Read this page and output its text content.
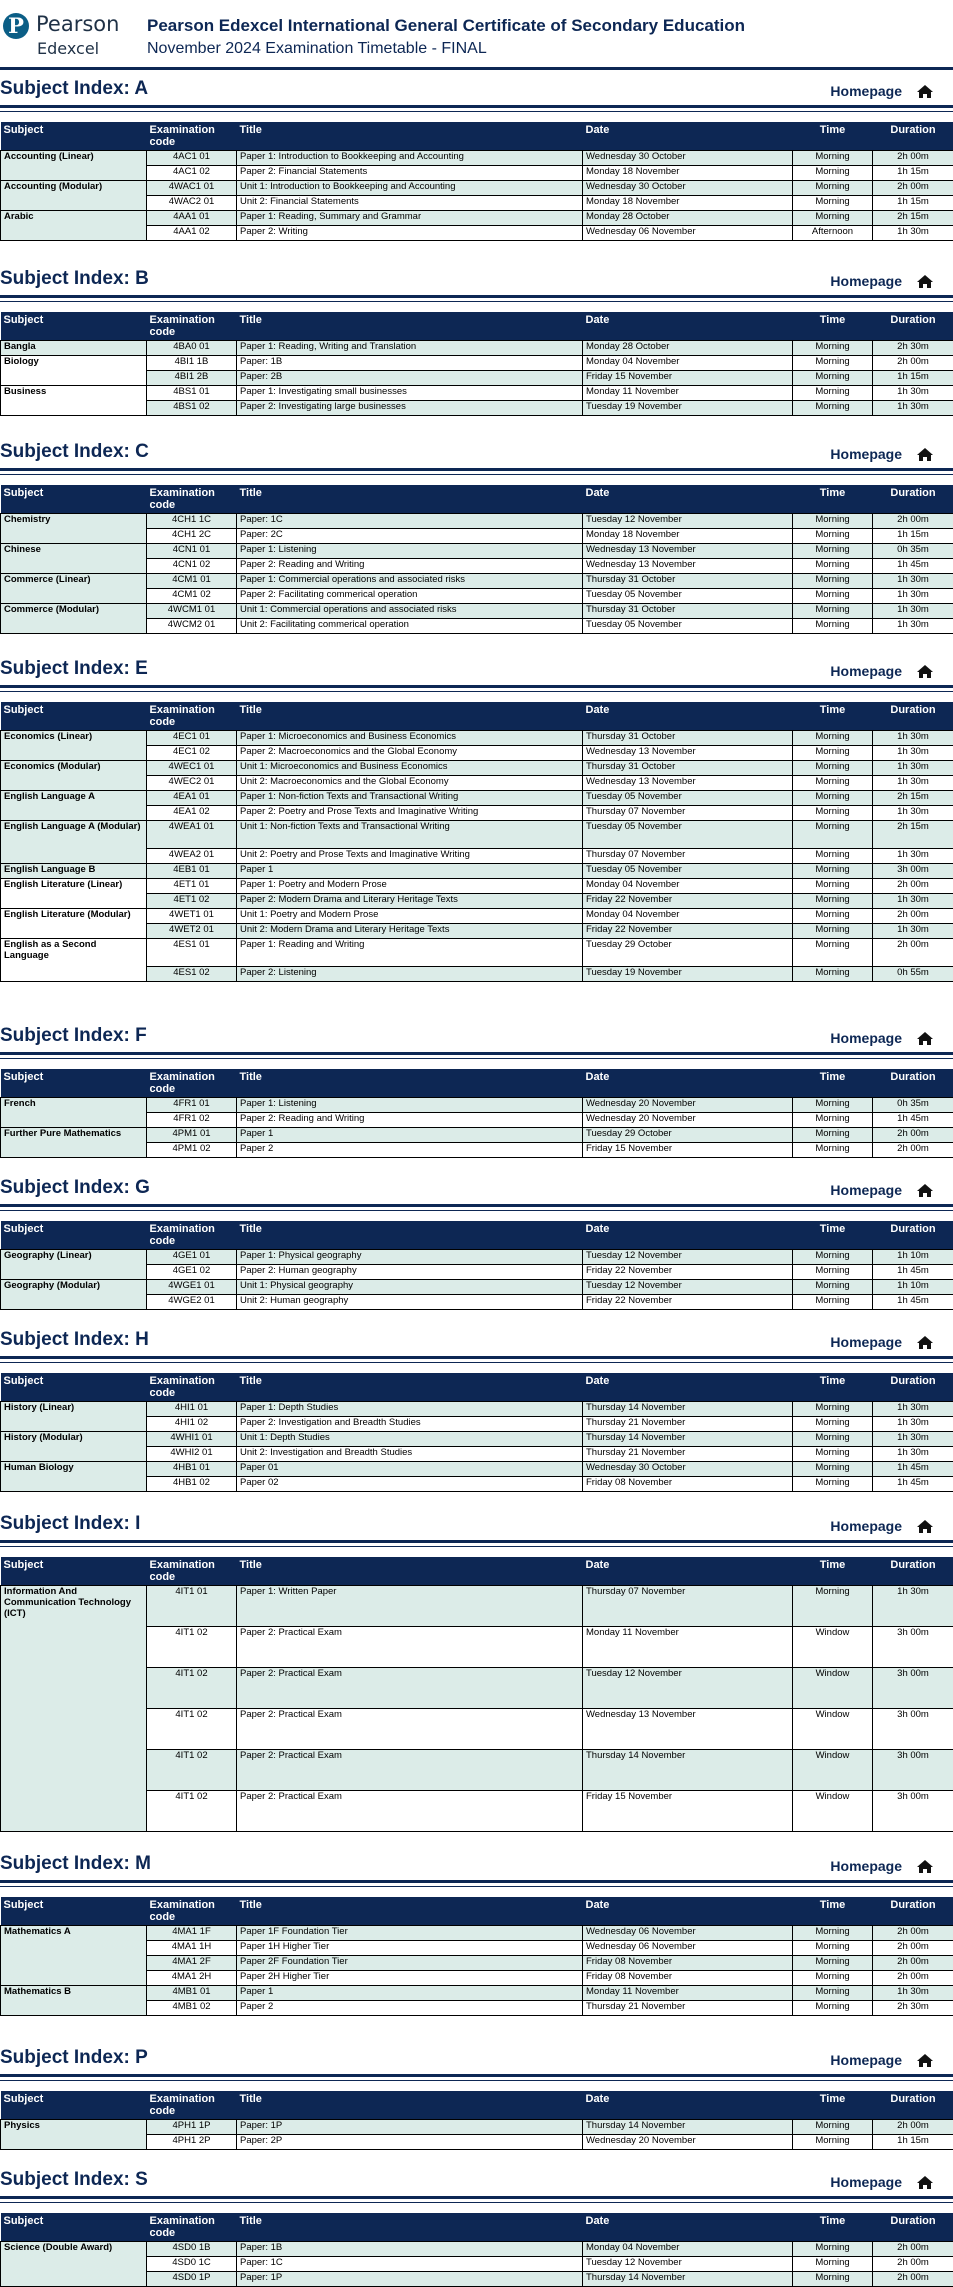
P Pearson
Edexcel
Pearson Edexcel International General Certificate of Secondary Education
November 2024 Examination Timetable - FINAL
Subject Index: A	Homepage
Subject	Examination code	Title	Date	Time	Duration
Accounting (Linear)	4AC1 01	Paper 1: Introduction to Bookkeeping and Accounting	Wednesday 30 October	Morning	2h 00m
	4AC1 02	Paper 2: Financial Statements	Monday 18 November	Morning	1h 15m
Accounting (Modular)	4WAC1 01	Unit 1: Introduction to Bookkeeping and Accounting	Wednesday 30 October	Morning	2h 00m
	4WAC2 01	Unit 2: Financial Statements	Monday 18 November	Morning	1h 15m
Arabic	4AA1 01	Paper 1: Reading, Summary and Grammar	Monday 28 October	Morning	2h 15m
	4AA1 02	Paper 2: Writing	Wednesday 06 November	Afternoon	1h 30m
Subject Index: B	Homepage
Subject	Examination code	Title	Date	Time	Duration
Bangla	4BA0 01	Paper 1: Reading, Writing and Translation	Monday 28 October	Morning	2h 30m
Biology	4BI1 1B	Paper: 1B	Monday 04 November	Morning	2h 00m
	4BI1 2B	Paper: 2B	Friday 15 November	Morning	1h 15m
Business	4BS1 01	Paper 1: Investigating small businesses	Monday 11 November	Morning	1h 30m
	4BS1 02	Paper 2: Investigating large businesses	Tuesday 19 November	Morning	1h 30m
Subject Index: C	Homepage
Subject	Examination code	Title	Date	Time	Duration
Chemistry	4CH1 1C	Paper: 1C	Tuesday 12 November	Morning	2h 00m
	4CH1 2C	Paper: 2C	Monday 18 November	Morning	1h 15m
Chinese	4CN1 01	Paper 1: Listening	Wednesday 13 November	Morning	0h 35m
	4CN1 02	Paper 2: Reading and Writing	Wednesday 13 November	Morning	1h 45m
Commerce (Linear)	4CM1 01	Paper 1: Commercial operations and associated risks	Thursday 31 October	Morning	1h 30m
	4CM1 02	Paper 2: Facilitating commerical operation	Tuesday 05 November	Morning	1h 30m
Commerce (Modular)	4WCM1 01	Unit 1: Commercial operations and associated risks	Thursday 31 October	Morning	1h 30m
	4WCM2 01	Unit 2: Facilitating commerical operation	Tuesday 05 November	Morning	1h 30m
Subject Index: E	Homepage
Subject	Examination code	Title	Date	Time	Duration
Economics (Linear)	4EC1 01	Paper 1: Microeconomics and Business Economics	Thursday 31 October	Morning	1h 30m
	4EC1 02	Paper 2: Macroeconomics and the Global Economy	Wednesday 13 November	Morning	1h 30m
Economics (Modular)	4WEC1 01	Unit 1: Microeconomics and Business Economics	Thursday 31 October	Morning	1h 30m
	4WEC2 01	Unit 2: Macroeconomics and the Global Economy	Wednesday 13 November	Morning	1h 30m
English Language A	4EA1 01	Paper 1: Non-fiction Texts and Transactional Writing	Tuesday 05 November	Morning	2h 15m
	4EA1 02	Paper 2: Poetry and Prose Texts and Imaginative Writing	Thursday 07 November	Morning	1h 30m
English Language A (Modular)	4WEA1 01	Unit 1: Non-fiction Texts and Transactional Writing	Tuesday 05 November	Morning	2h 15m
	4WEA2 01	Unit 2: Poetry and Prose Texts and Imaginative Writing	Thursday 07 November	Morning	1h 30m
English Language B	4EB1 01	Paper 1	Tuesday 05 November	Morning	3h 00m
English Literature (Linear)	4ET1 01	Paper 1: Poetry and Modern Prose	Monday 04 November	Morning	2h 00m
	4ET1 02	Paper 2: Modern Drama and Literary Heritage Texts	Friday 22 November	Morning	1h 30m
English Literature (Modular)	4WET1 01	Unit 1: Poetry and Modern Prose	Monday 04 November	Morning	2h 00m
	4WET2 01	Unit 2: Modern Drama and Literary Heritage Texts	Friday 22 November	Morning	1h 30m
English as a Second Language	4ES1 01	Paper 1: Reading and Writing	Tuesday 29 October	Morning	2h 00m
	4ES1 02	Paper 2: Listening	Tuesday 19 November	Morning	0h 55m
Subject Index: F	Homepage
Subject	Examination code	Title	Date	Time	Duration
French	4FR1 01	Paper 1: Listening	Wednesday 20 November	Morning	0h 35m
	4FR1 02	Paper 2: Reading and Writing	Wednesday 20 November	Morning	1h 45m
Further Pure Mathematics	4PM1 01	Paper 1	Tuesday 29 October	Morning	2h 00m
	4PM1 02	Paper 2	Friday 15 November	Morning	2h 00m
Subject Index: G	Homepage
Subject	Examination code	Title	Date	Time	Duration
Geography (Linear)	4GE1 01	Paper 1: Physical geography	Tuesday 12 November	Morning	1h 10m
	4GE1 02	Paper 2: Human geography	Friday 22 November	Morning	1h 45m
Geography (Modular)	4WGE1 01	Unit 1: Physical geography	Tuesday 12 November	Morning	1h 10m
	4WGE2 01	Unit 2: Human geography	Friday 22 November	Morning	1h 45m
Subject Index: H	Homepage
Subject	Examination code	Title	Date	Time	Duration
History (Linear)	4HI1 01	Paper 1: Depth Studies	Thursday 14 November	Morning	1h 30m
	4HI1 02	Paper 2: Investigation and Breadth Studies	Thursday 21 November	Morning	1h 30m
History (Modular)	4WHI1 01	Unit 1: Depth Studies	Thursday 14 November	Morning	1h 30m
	4WHI2 01	Unit 2: Investigation and Breadth Studies	Thursday 21 November	Morning	1h 30m
Human Biology	4HB1 01	Paper 01	Wednesday 30 October	Morning	1h 45m
	4HB1 02	Paper 02	Friday 08 November	Morning	1h 45m
Subject Index: I	Homepage
Subject	Examination code	Title	Date	Time	Duration
Information And Communication Technology (ICT)	4IT1 01	Paper 1: Written Paper	Thursday 07 November	Morning	1h 30m
	4IT1 02	Paper 2: Practical Exam	Monday 11 November	Window	3h 00m
	4IT1 02	Paper 2: Practical Exam	Tuesday 12 November	Window	3h 00m
	4IT1 02	Paper 2: Practical Exam	Wednesday 13 November	Window	3h 00m
	4IT1 02	Paper 2: Practical Exam	Thursday 14 November	Window	3h 00m
	4IT1 02	Paper 2: Practical Exam	Friday 15 November	Window	3h 00m
Subject Index: M	Homepage
Subject	Examination code	Title	Date	Time	Duration
Mathematics A	4MA1 1F	Paper 1F Foundation Tier	Wednesday 06 November	Morning	2h 00m
	4MA1 1H	Paper 1H Higher Tier	Wednesday 06 November	Morning	2h 00m
	4MA1 2F	Paper 2F Foundation Tier	Friday 08 November	Morning	2h 00m
	4MA1 2H	Paper 2H Higher Tier	Friday 08 November	Morning	2h 00m
Mathematics B	4MB1 01	Paper 1	Monday 11 November	Morning	1h 30m
	4MB1 02	Paper 2	Thursday 21 November	Morning	2h 30m
Subject Index: P	Homepage
Subject	Examination code	Title	Date	Time	Duration
Physics	4PH1 1P	Paper: 1P	Thursday 14 November	Morning	2h 00m
	4PH1 2P	Paper: 2P	Wednesday 20 November	Morning	1h 15m
Subject Index: S	Homepage
Subject	Examination code	Title	Date	Time	Duration
Science (Double Award)	4SD0 1B	Paper: 1B	Monday 04 November	Morning	2h 00m
	4SD0 1C	Paper: 1C	Tuesday 12 November	Morning	2h 00m
	4SD0 1P	Paper: 1P	Thursday 14 November	Morning	2h 00m
